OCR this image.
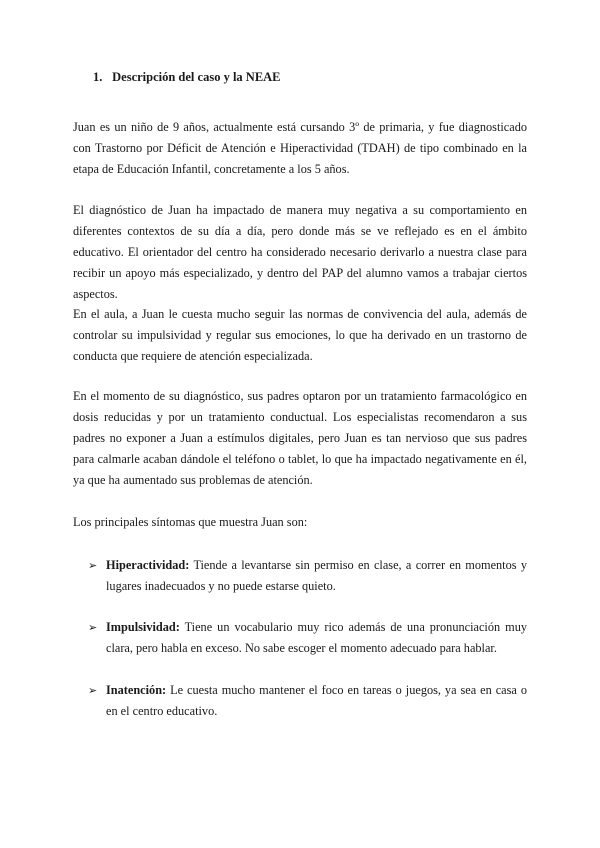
1. Descripción del caso y la NEAE

Juan es un niño de 9 años, actualmente está cursando 3º de primaria, y fue diagnosticado con Trastorno por Déficit de Atención e Hiperactividad (TDAH) de tipo combinado en la etapa de Educación Infantil, concretamente a los 5 años.

El diagnóstico de Juan ha impactado de manera muy negativa a su comportamiento en diferentes contextos de su día a día, pero donde más se ve reflejado es en el ámbito educativo. El orientador del centro ha considerado necesario derivarlo a nuestra clase para recibir un apoyo más especializado, y dentro del PAP del alumno vamos a trabajar ciertos aspectos.

En el aula, a Juan le cuesta mucho seguir las normas de convivencia del aula, además de controlar su impulsividad y regular sus emociones, lo que ha derivado en un trastorno de conducta que requiere de atención especializada.

En el momento de su diagnóstico, sus padres optaron por un tratamiento farmacológico en dosis reducidas y por un tratamiento conductual. Los especialistas recomendaron a sus padres no exponer a Juan a estímulos digitales, pero Juan es tan nervioso que sus padres para calmarle acaban dándole el teléfono o tablet, lo que ha impactado negativamente en él, ya que ha aumentado sus problemas de atención.

Los principales síntomas que muestra Juan son:

➢ Hiperactividad: Tiende a levantarse sin permiso en clase, a correr en momentos y lugares inadecuados y no puede estarse quieto.

➢ Impulsividad: Tiene un vocabulario muy rico además de una pronunciación muy clara, pero habla en exceso. No sabe escoger el momento adecuado para hablar.

➢ Inatención: Le cuesta mucho mantener el foco en tareas o juegos, ya sea en casa o en el centro educativo.
